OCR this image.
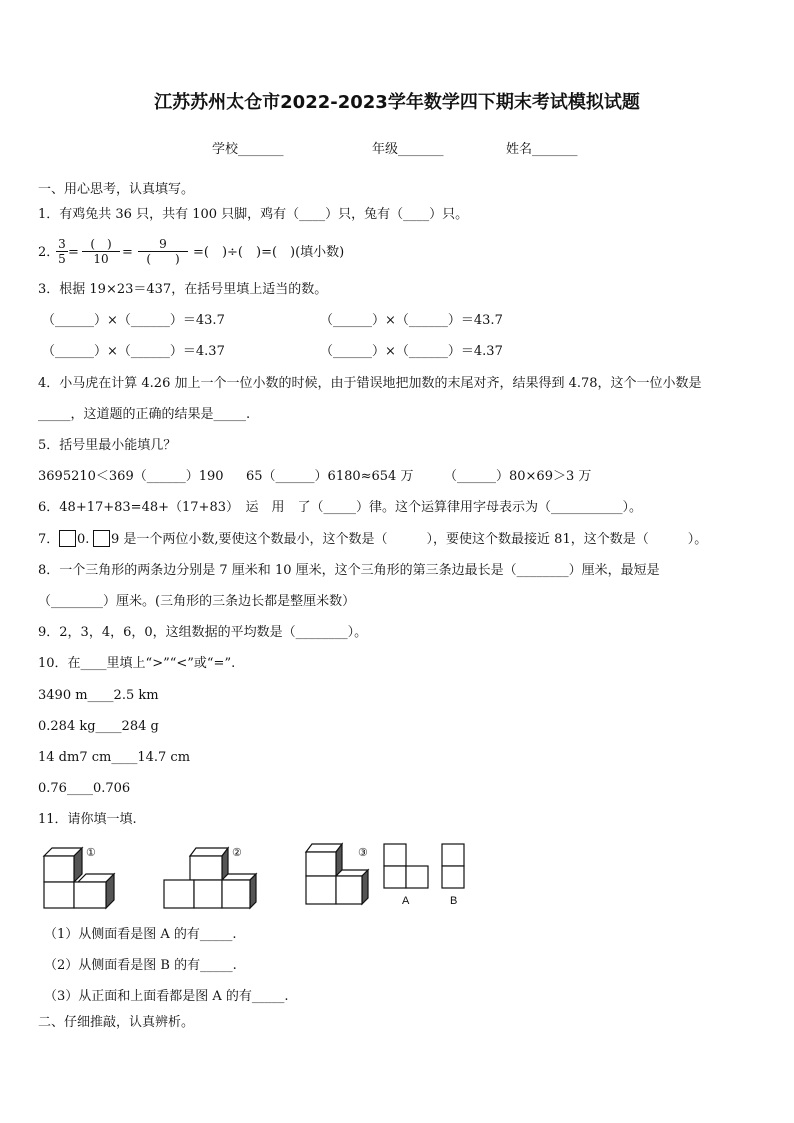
江苏苏州太仓市2022-2023学年数学四下期末考试模拟试题
学校_______	年级_______	姓名_______
一、用心思考，认真填写。
1．有鸡兔共 36 只，共有 100 只脚，鸡有（____）只，兔有（____）只。
2．
$\frac{3}{5}$ =
(　)
10	=
9
(　　)	=(　)÷(　)=(　)(填小数)
3．根据 19×23＝437，在括号里填上适当的数。
（______）×（______）＝43.7	（______）×（______）＝43.7
（______）×（______）＝4.37	（______）×（______）＝4.37
4．小马虎在计算 4.26 加上一个一位小数的时候，由于错误地把加数的末尾对齐，结果得到 4.78，这个一位小数是
_____，这道题的正确的结果是_____.
5．括号里最小能填几？
3695210＜369（______）190 65（______）6180≈654 万 （______）80×69＞3 万
6．48+17+83=48+（17+83）　运　用　了（_____）律。这个运算律用字母表示为（___________）。
7． 0. 9 是一个两位小数,要使这个数最小，这个数是（　　　），要使这个数最接近 81，这个数是（　　　）。
8．一个三角形的两条边分别是 7 厘米和 10 厘米，这个三角形的第三条边最长是（________）厘米，最短是
（________）厘米。(三角形的三条边长都是整厘米数）
9．2，3，4，6，0，这组数据的平均数是（________）。
10．在____里填上“>”“<”或“=”.
3490 m____2.5 km
0.284 kg____284 g
14 dm7 cm____14.7 cm
0.76____0.706
11．请你填一填.
①	②	③
A	B
（1）从侧面看是图 A 的有_____.
（2）从侧面看是图 B 的有_____.
（3）从正面和上面看都是图 A 的有_____.
二、仔细推敲，认真辨析。
